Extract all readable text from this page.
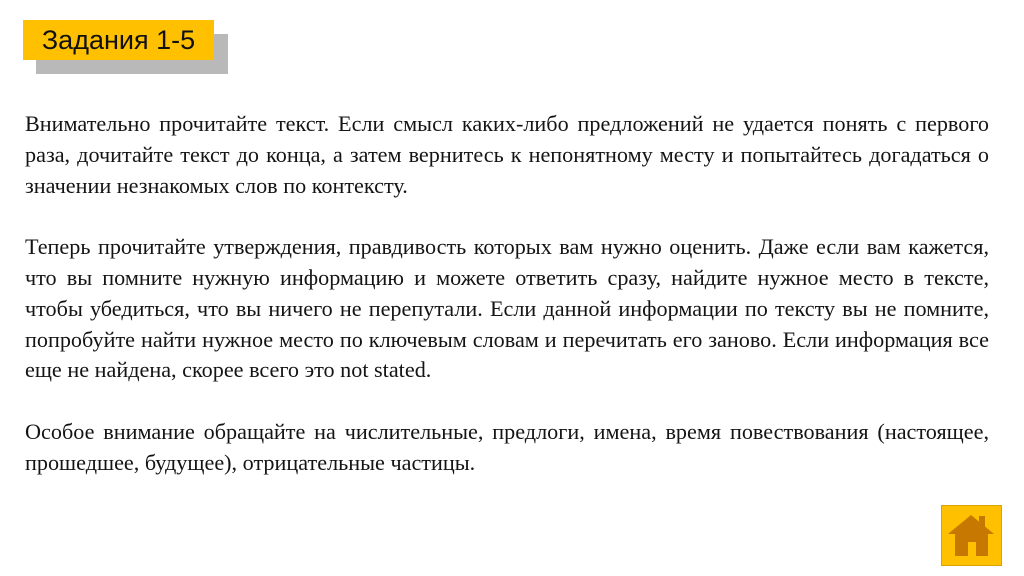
Задания 1-5

Внимательно прочитайте текст. Если смысл каких-либо предложений не удается понять с первого раза, дочитайте текст до конца, а затем вернитесь к непонятному месту и попытайтесь догадаться о значении незнакомых слов по контексту.

Теперь прочитайте утверждения, правдивость которых вам нужно оценить. Даже если вам кажется, что вы помните нужную информацию и можете ответить сразу, найдите нужное место в тексте, чтобы убедиться, что вы ничего не перепутали. Если данной информации по тексту вы не помните, попробуйте найти нужное место по ключевым словам и перечитать его заново. Если информация все еще не найдена, скорее всего это not stated.

Особое внимание обращайте на числительные, предлоги, имена, время повествования (настоящее, прошедшее, будущее), отрицательные частицы.
